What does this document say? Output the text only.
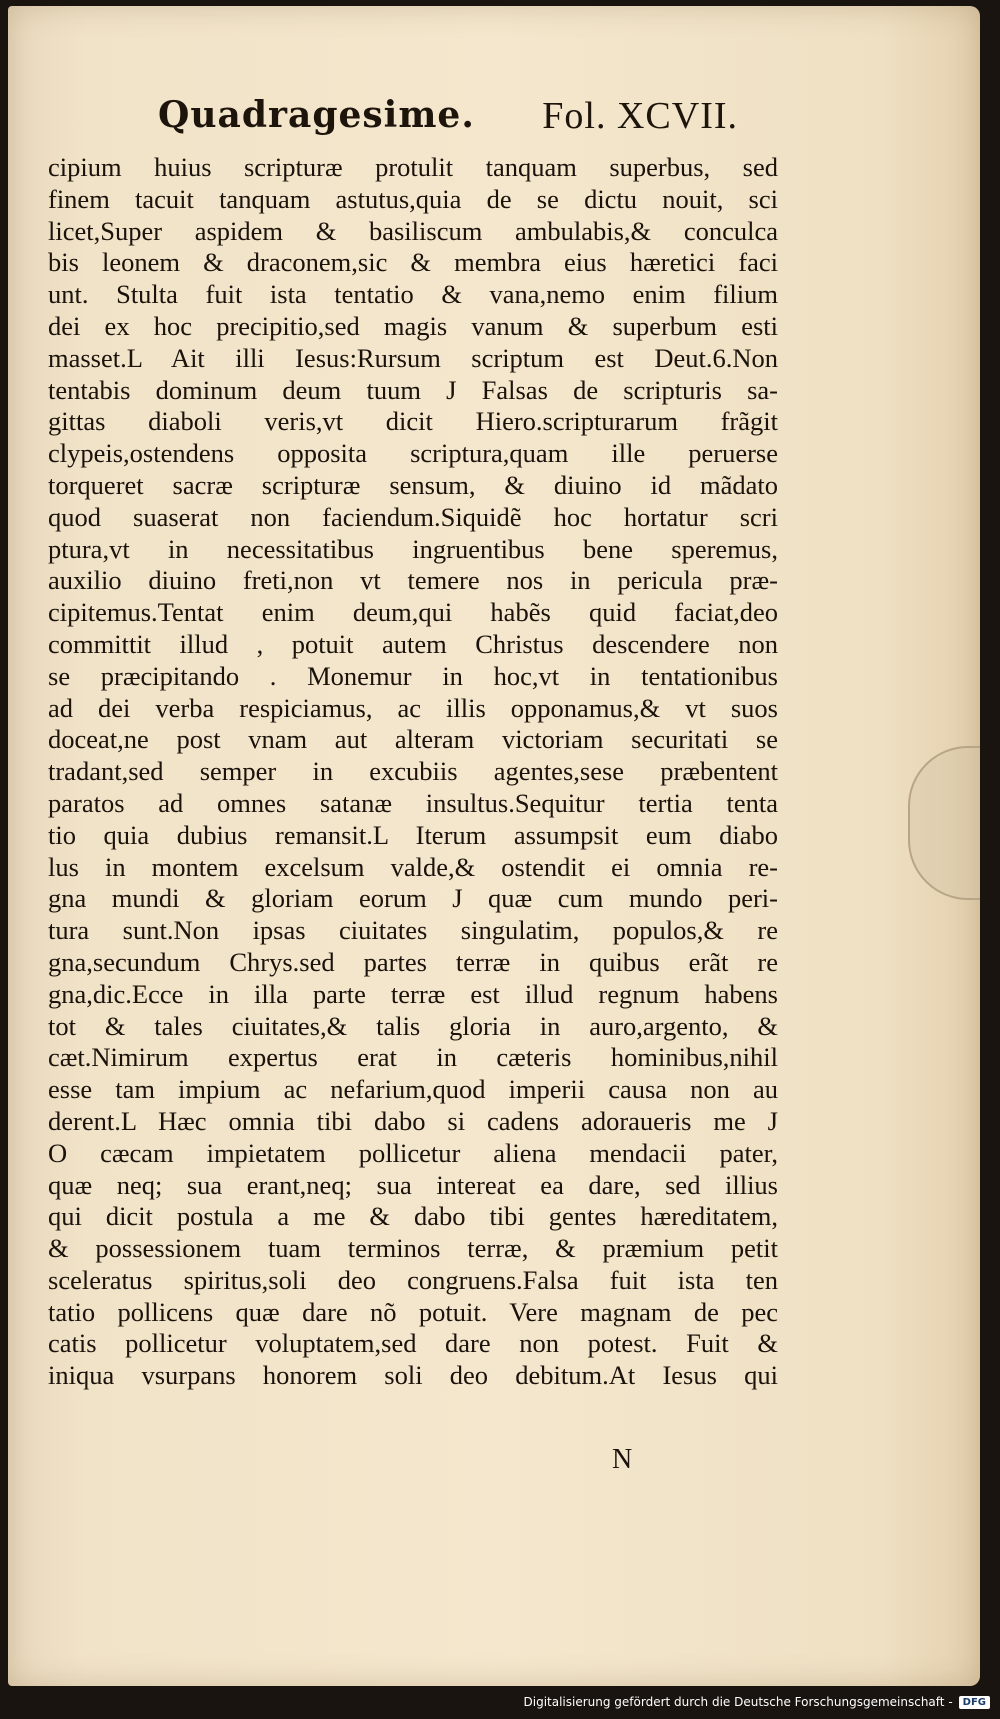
Quadragesime. Fol. XCVII.
cipium huius scripturæ protulit tanquam superbus, sed
finem tacuit tanquam astutus,quia de se dictu nouit, sci
licet,Super aspidem & basiliscum ambulabis,& conculca
bis leonem & draconem,sic & membra eius hæretici faci
unt. Stulta fuit ista tentatio & vana,nemo enim filium
dei ex hoc precipitio,sed magis vanum & superbum esti
masset.L Ait illi Iesus:Rursum scriptum est Deut.6.Non
tentabis dominum deum tuum J Falsas de scripturis sa-
gittas diaboli veris,vt dicit Hiero.scripturarum frãgit
clypeis,ostendens opposita scriptura,quam ille peruerse
torqueret sacræ scripturæ sensum, & diuino id mãdato
quod suaserat non faciendum.Siquidẽ hoc hortatur scri
ptura,vt in necessitatibus ingruentibus bene speremus,
auxilio diuino freti,non vt temere nos in pericula præ-
cipitemus.Tentat enim deum,qui habẽs quid faciat,deo
committit illud , potuit autem Christus descendere non
se præcipitando . Monemur in hoc,vt in tentationibus
ad dei verba respiciamus, ac illis opponamus,& vt suos
doceat,ne post vnam aut alteram victoriam securitati se
tradant,sed semper in excubiis agentes,sese præbentent
paratos ad omnes satanæ insultus.Sequitur tertia tenta
tio quia dubius remansit.L Iterum assumpsit eum diabo
lus in montem excelsum valde,& ostendit ei omnia re-
gna mundi & gloriam eorum J quæ cum mundo peri-
tura sunt.Non ipsas ciuitates singulatim, populos,& re
gna,secundum Chrys.sed partes terræ in quibus erãt re
gna,dic.Ecce in illa parte terræ est illud regnum habens
tot & tales ciuitates,& talis gloria in auro,argento, &
cæt.Nimirum expertus erat in cæteris hominibus,nihil
esse tam impium ac nefarium,quod imperii causa non au
derent.L Hæc omnia tibi dabo si cadens adoraueris me J
O cæcam impietatem pollicetur aliena mendacii pater,
quæ neq; sua erant,neq; sua intereat ea dare, sed illius
qui dicit postula a me & dabo tibi gentes hæreditatem,
& possessionem tuam terminos terræ, & præmium petit
sceleratus spiritus,soli deo congruens.Falsa fuit ista ten
tatio pollicens quæ dare nõ potuit. Vere magnam de pec
catis pollicetur voluptatem,sed dare non potest. Fuit &
iniqua vsurpans honorem soli deo debitum.At Iesus qui
N
Digitalisierung gefördert durch die Deutsche Forschungsgemeinschaft -	DFG
